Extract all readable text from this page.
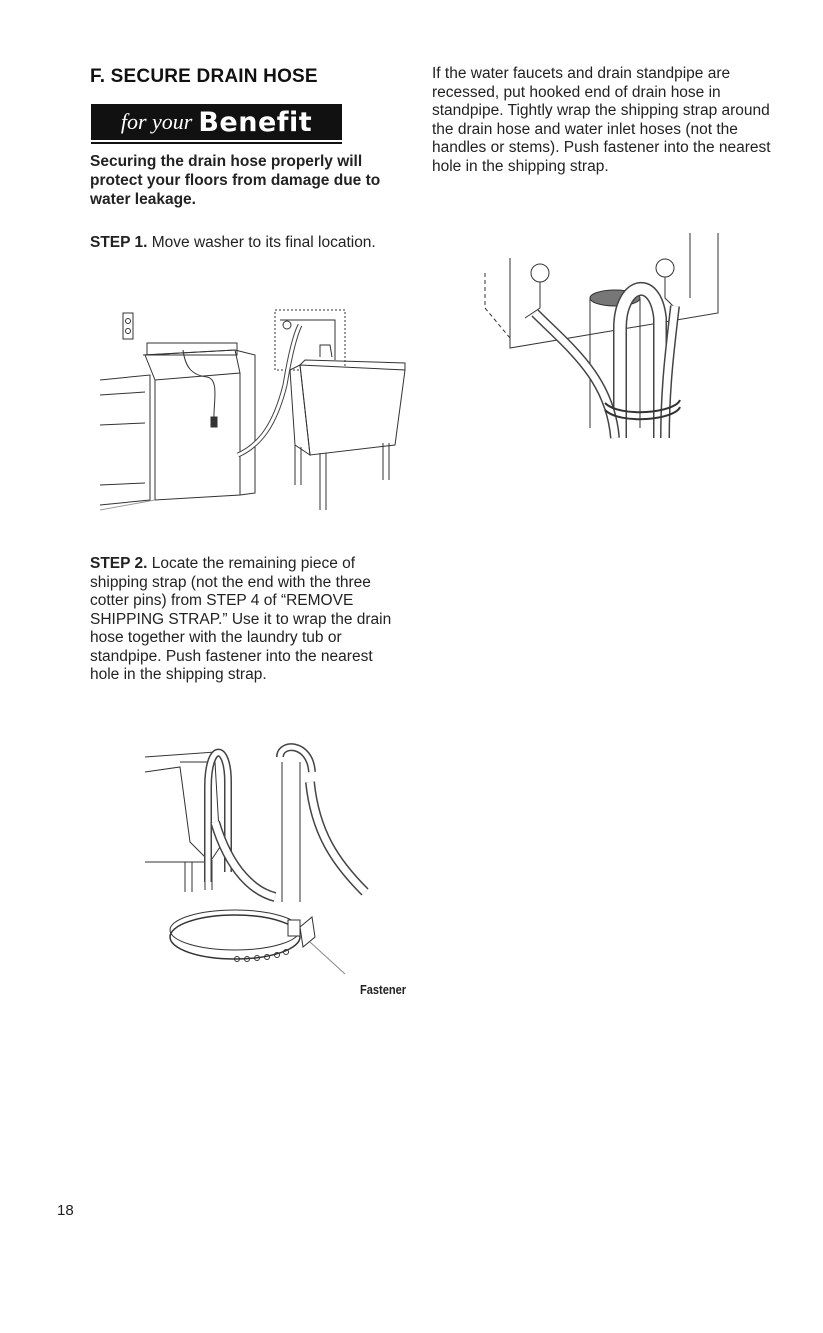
F. SECURE DRAIN HOSE
for your Benefit
Securing the drain hose properly will protect your floors from damage due to water leakage.
STEP 1. Move washer to its final location.
If the water faucets and drain standpipe are recessed, put hooked end of drain hose in standpipe. Tightly wrap the shipping strap around the drain hose and water inlet hoses (not the handles or stems). Push fastener into the nearest hole in the shipping strap.
STEP 2. Locate the remaining piece of shipping strap (not the end with the three cotter pins) from STEP 4 of “REMOVE SHIPPING STRAP.” Use it to wrap the drain hose together with the laundry tub or standpipe. Push fastener into the nearest hole in the shipping strap.
Fastener
18
